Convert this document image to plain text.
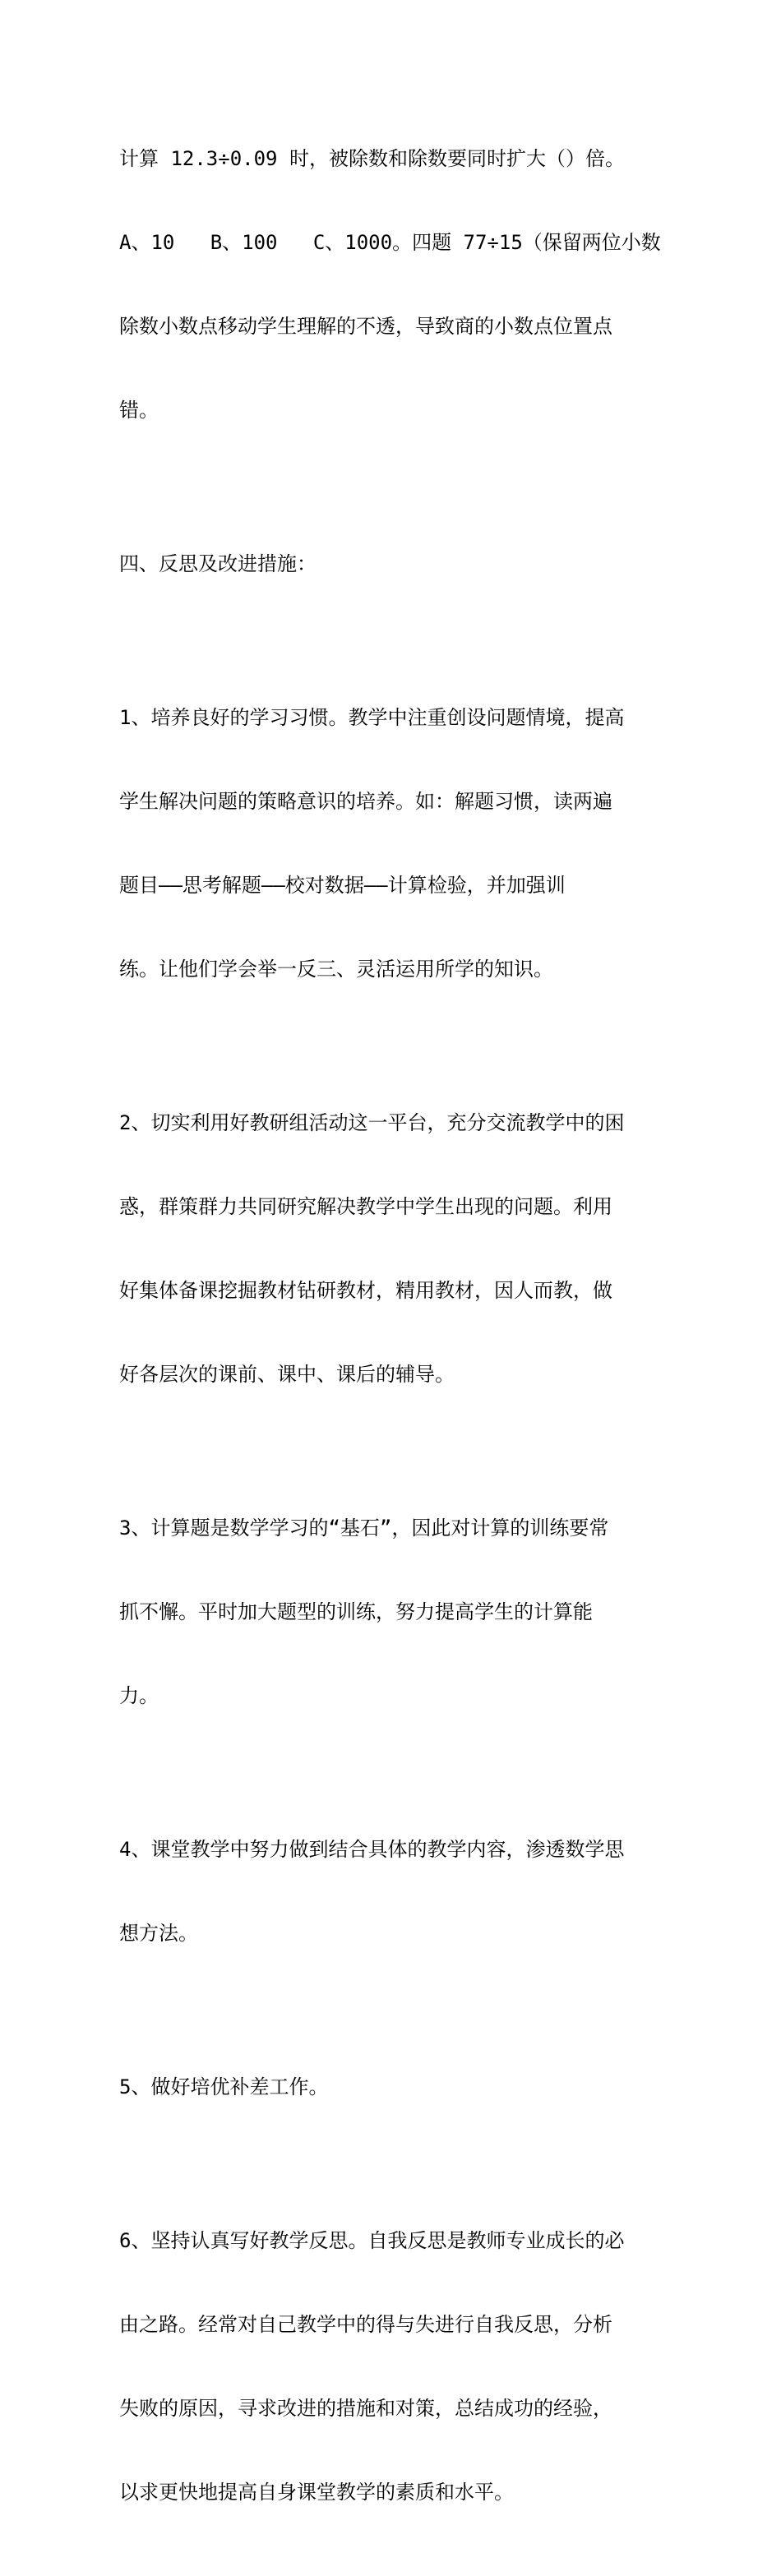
计算 12.3÷0.09 时，被除数和除数要同时扩大（）倍。

A、10   B、100   C、1000。四题 77÷15（保留两位小数

除数小数点移动学生理解的不透，导致商的小数点位置点

错。

四、反思及改进措施：

1、培养良好的学习习惯。教学中注重创设问题情境，提高

学生解决问题的策略意识的培养。如：解题习惯，读两遍

题目——思考解题——校对数据——计算检验，并加强训

练。让他们学会举一反三、灵活运用所学的知识。

2、切实利用好教研组活动这一平台，充分交流教学中的困

惑，群策群力共同研究解决教学中学生出现的问题。利用

好集体备课挖掘教材钻研教材，精用教材，因人而教，做

好各层次的课前、课中、课后的辅导。

3、计算题是数学学习的“基石”，因此对计算的训练要常

抓不懈。平时加大题型的训练，努力提高学生的计算能

力。

4、课堂教学中努力做到结合具体的教学内容，渗透数学思

想方法。

5、做好培优补差工作。

6、坚持认真写好教学反思。自我反思是教师专业成长的必

由之路。经常对自己教学中的得与失进行自我反思，分析

失败的原因，寻求改进的措施和对策，总结成功的经验，

以求更快地提高自身课堂教学的素质和水平。
